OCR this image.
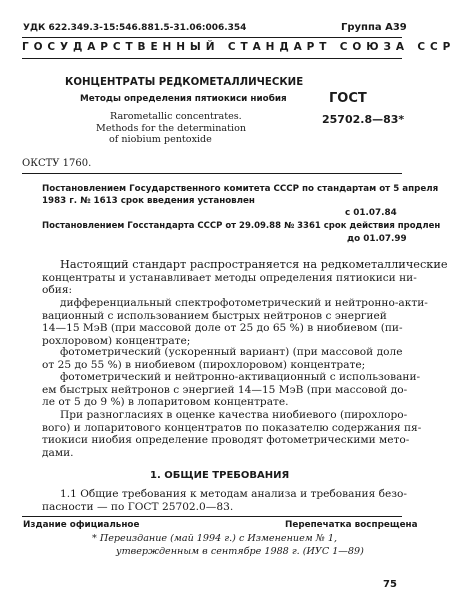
УДК 622.349.3-15:546.881.5-31.06:006.354	Группа А39
ГОСУДАРСТВЕННЫЙ СТАНДАРТ СОЮЗА ССР
КОНЦЕНТРАТЫ РЕДКОМЕТАЛЛИЧЕСКИЕ
Методы определения пятиокиси ниобия
Rarometallic concentrates.
Methods for the determination
of niobium pentoxide
ГОСТ
25702.8—83*
ОКСТУ 1760.
Постановлением Государственного комитета СССР по стандартам от 5 апреля
1983 г. № 1613 срок введения установлен
с 01.07.84
Постановлением Госстандарта СССР от 29.09.88 № 3361 срок действия продлен
до 01.07.99
Настоящий стандарт распространяется на редкометаллические
концентраты и устанавливает методы определения пятиокиси ни-
обия:
дифференциальный спектрофотометрический и нейтронно-акти-
вационный с использованием быстрых нейтронов с энергией
14—15 МэВ (при массовой доле от 25 до 65 %) в ниобиевом (пи-
рохлоровом) концентрате;
фотометрический (ускоренный вариант) (при массовой доле
от 25 до 55 %) в ниобиевом (пирохлоровом) концентрате;
фотометрический и нейтронно-активационный с использовани-
ем быстрых нейтронов с энергией 14—15 МэВ (при массовой до-
ле от 5 до 9 %) в лопаритовом концентрате.
При разногласиях в оценке качества ниобиевого (пирохлоро-
вого) и лопаритового концентратов по показателю содержания пя-
тиокиси ниобия определение проводят фотометрическими мето-
дами.
1. ОБЩИЕ ТРЕБОВАНИЯ
1.1 Общие требования к методам анализа и требования безо-
пасности — по ГОСТ 25702.0—83.
Издание официальное	Перепечатка воспрещена
* Переиздание (май 1994 г.) с Изменением № 1,
утвержденным в сентябре 1988 г. (ИУС 1—89)
75
